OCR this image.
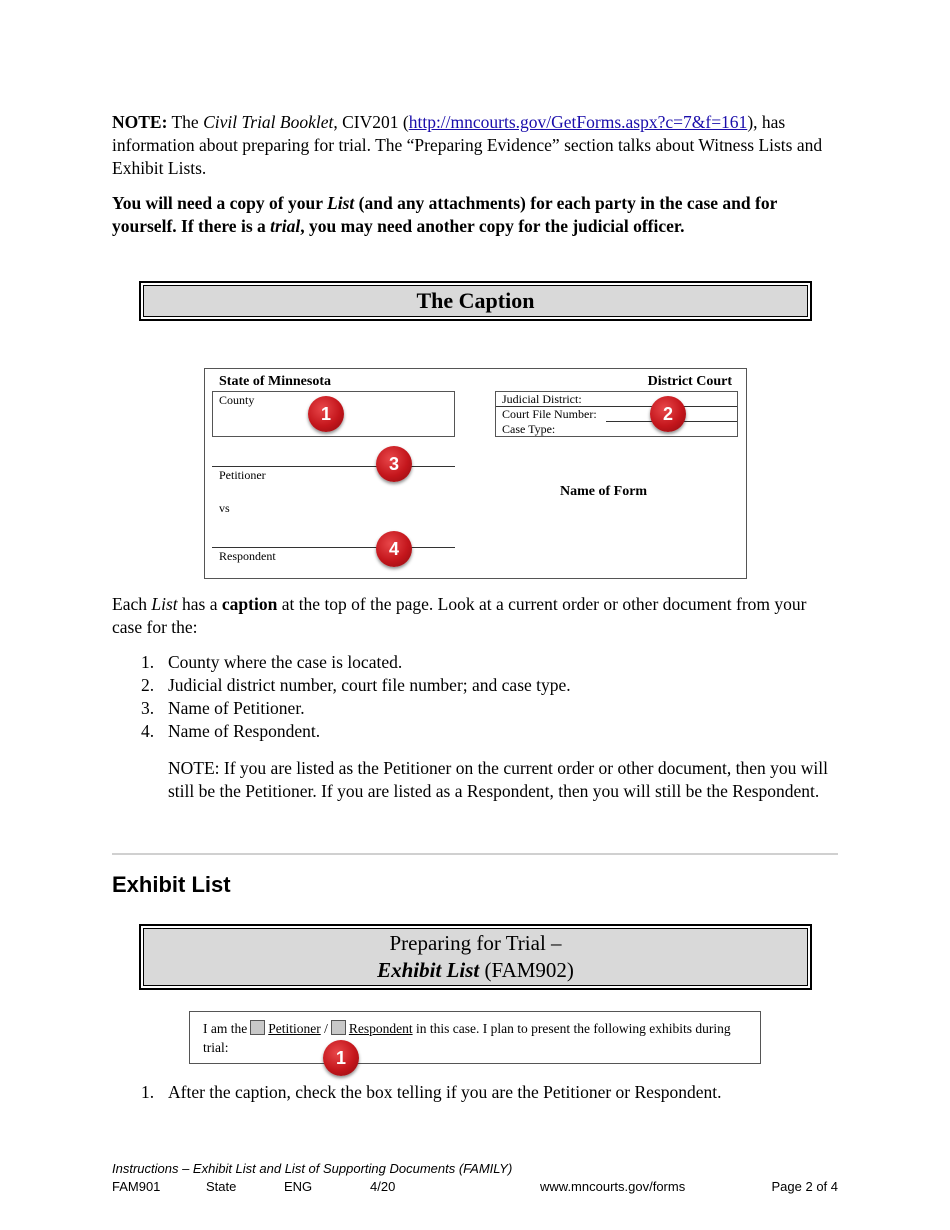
NOTE: The Civil Trial Booklet, CIV201 (http://mncourts.gov/GetForms.aspx?c=7&f=161), has information about preparing for trial. The “Preparing Evidence” section talks about Witness Lists and Exhibit Lists.
You will need a copy of your List (and any attachments) for each party in the case and for yourself. If there is a trial, you may need another copy for the judicial officer.
The Caption
State of Minnesota	District Court
County	Judicial District:
Court File Number:
Case Type:
Petitioner
vs
Respondent
Name of Form
1	2
3
4
Each List has a caption at the top of the page. Look at a current order or other document from your case for the:
1. County where the case is located.
2. Judicial district number, court file number; and case type.
3. Name of Petitioner.
4. Name of Respondent.
NOTE: If you are listed as the Petitioner on the current order or other document, then you will still be the Petitioner. If you are listed as a Respondent, then you will still be the Respondent.
Exhibit List
Preparing for Trial –
Exhibit List (FAM902)
I am the Petitioner / Respondent in this case. I plan to present the following exhibits during trial:
1
1. After the caption, check the box telling if you are the Petitioner or Respondent.
Instructions – Exhibit List and List of Supporting Documents (FAMILY)
FAM901	State	ENG	4/20	www.mncourts.gov/forms	Page 2 of 4
